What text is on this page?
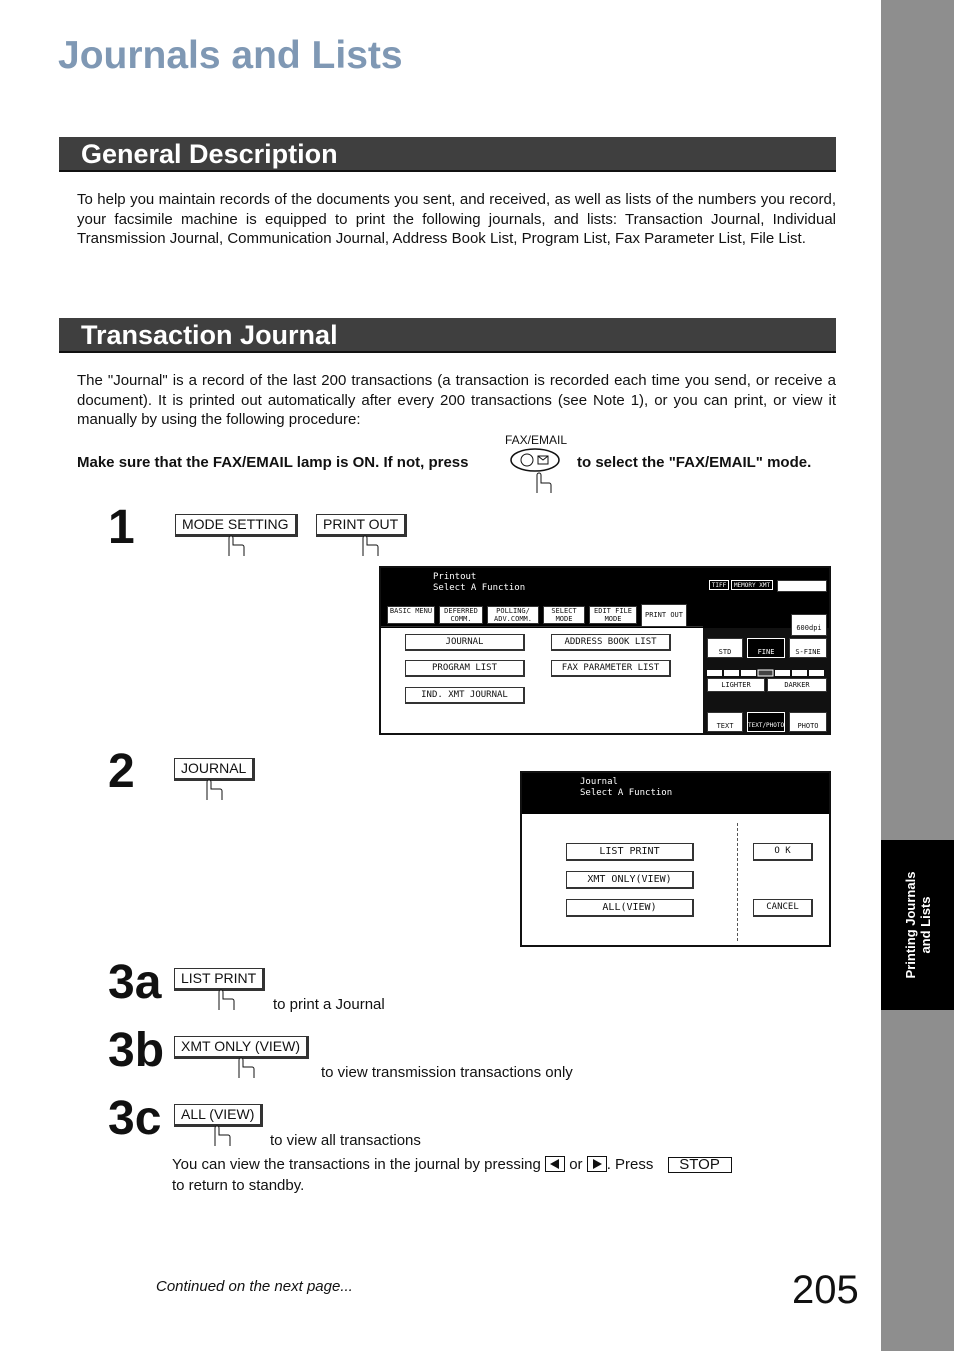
Printing Journals and Lists
Journals and Lists
General Description
To help you maintain records of the documents you sent, and received, as well as lists of the numbers you record, your facsimile machine is equipped to print the following journals, and lists: Transaction Journal, Individual Transmission Journal, Communication Journal, Address Book List, Program List, Fax Parameter List, File List.
Transaction Journal
The "Journal" is a record of the last 200 transactions (a transaction is recorded each time you send, or receive a document). It is printed out automatically after every 200 transactions (see Note 1), or you can print, or view it manually by using the following procedure:
Make sure that the FAX/EMAIL lamp is ON. If not, press
FAX/EMAIL
to select the "FAX/EMAIL" mode.
1	MODE SETTING	PRINT OUT
Printout
Select A Function	TIFF	MEMORY XMT	ADDRESS BOOK
BASIC MENU	DEFERRED COMM.
POLLING/ ADV.COMM.
SELECT MODE
EDIT FILE MODE	PRINT OUT
JOURNAL	ADDRESS BOOK LIST
PROGRAM LIST	FAX PARAMETER LIST
IND. XMT JOURNAL
600dpi
STD	FINE	S-FINE
LIGHTER	DARKER
TEXT	TEXT/PHOTO	PHOTO
2	JOURNAL
Journal
Select A Function
LIST PRINT
XMT ONLY(VIEW)
ALL(VIEW)
O K
CANCEL
3a	LIST PRINT
to print a Journal
3b	XMT ONLY (VIEW)
to view transmission transactions only
3c	ALL (VIEW)
to view all transactions
You can view the transactions in the journal by pressing or . Press STOP
to return to standby.
Continued on the next page...	205
